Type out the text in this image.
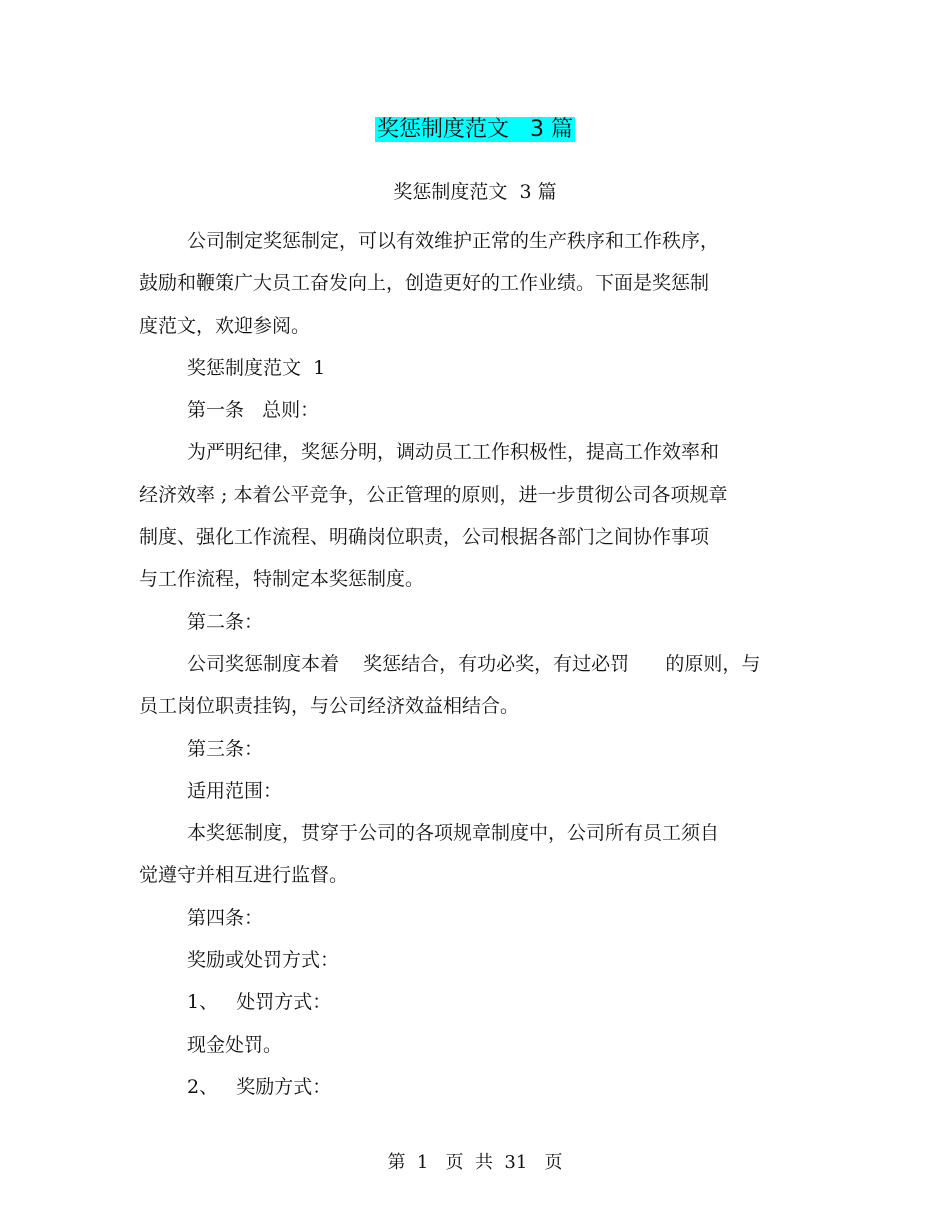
奖惩制度范文   3 篇
奖惩制度范文  3 篇
公司制定奖惩制定，可以有效维护正常的生产秩序和工作秩序，
鼓励和鞭策广大员工奋发向上，创造更好的工作业绩。下面是奖惩制
度范文，欢迎参阅。
奖惩制度范文  1
第一条   总则：
为严明纪律，奖惩分明，调动员工工作积极性，提高工作效率和
经济效率 ; 本着公平竞争，公正管理的原则，进一步贯彻公司各项规章
制度、强化工作流程、明确岗位职责，公司根据各部门之间协作事项
与工作流程，特制定本奖惩制度。
第二条：
公司奖惩制度本着    奖惩结合，有功必奖，有过必罚      的原则，与
员工岗位职责挂钩，与公司经济效益相结合。
第三条：
适用范围：
本奖惩制度，贯穿于公司的各项规章制度中，公司所有员工须自
觉遵守并相互进行监督。
第四条：
奖励或处罚方式：
1、   处罚方式：
现金处罚。
2、   奖励方式：
第  1   页  共  31   页
